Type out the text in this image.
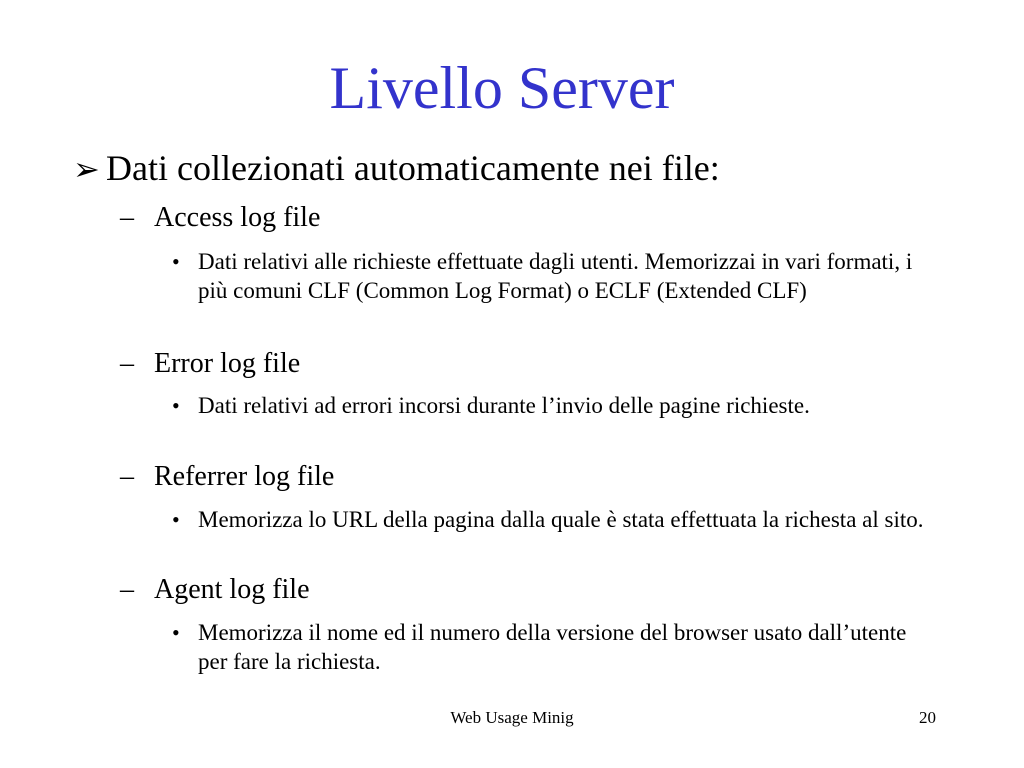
Livello Server
➢ Dati collezionati automaticamente nei file:
– Access log file
• Dati relativi alle richieste effettuate dagli utenti. Memorizzai in vari formati, i più comuni CLF (Common Log Format) o ECLF (Extended CLF)
– Error log file
• Dati relativi ad errori incorsi durante l’invio delle pagine richieste.
– Referrer log file
• Memorizza lo URL della pagina dalla quale è stata effettuata la richesta al sito.
– Agent log file
• Memorizza il nome ed il numero della versione del browser usato dall’utente per fare la richiesta.
Web Usage Minig	20
